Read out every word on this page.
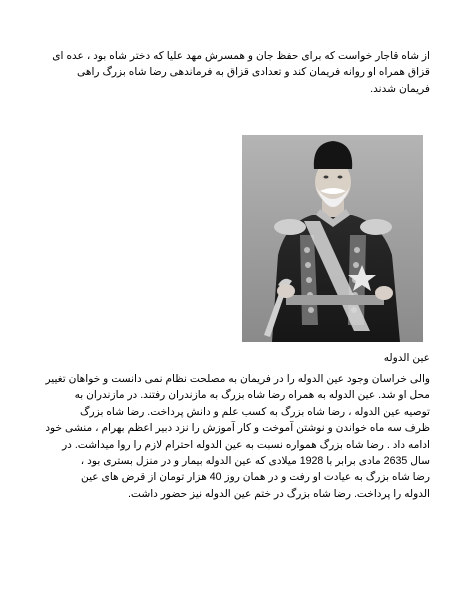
از شاه قاجار خواست که برای حفظ جان و همسرش مهد علیا که دختر شاه بود ، عده ای
قزاق همراه او روانه فریمان کند و تعدادی قزاق به فرماندهی رضا شاه بزرگ راهی
فریمان شدند.

عین الدوله

والی خراسان وجود عین الدوله را در فریمان به مصلحت نظام نمی دانست و خواهان تغییر
محل او شد. عین الدوله به همراه رضا شاه بزرگ به مازندران رفتند. در مازندران به
توصیه عین الدوله ، رضا شاه بزرگ به کسب علم و دانش پرداخت. رضا شاه بزرگ
ظرف سه ماه خواندن و نوشتن آموخت و کار آموزش را نزد دبیر اعظم بهرام ، منشی خود
ادامه داد . رضا شاه بزرگ همواره نسبت به عین الدوله احترام لازم را روا میداشت. در
سال 2635 مادی برابر با 1928 میلادی که عین الدوله بیمار و در منزل بستری بود ،
رضا شاه بزرگ به عیادت او رفت و در همان روز 40 هزار تومان از قرض های عین
الدوله را پرداخت. رضا شاه بزرگ در ختم عین الدوله نیز حضور داشت.
